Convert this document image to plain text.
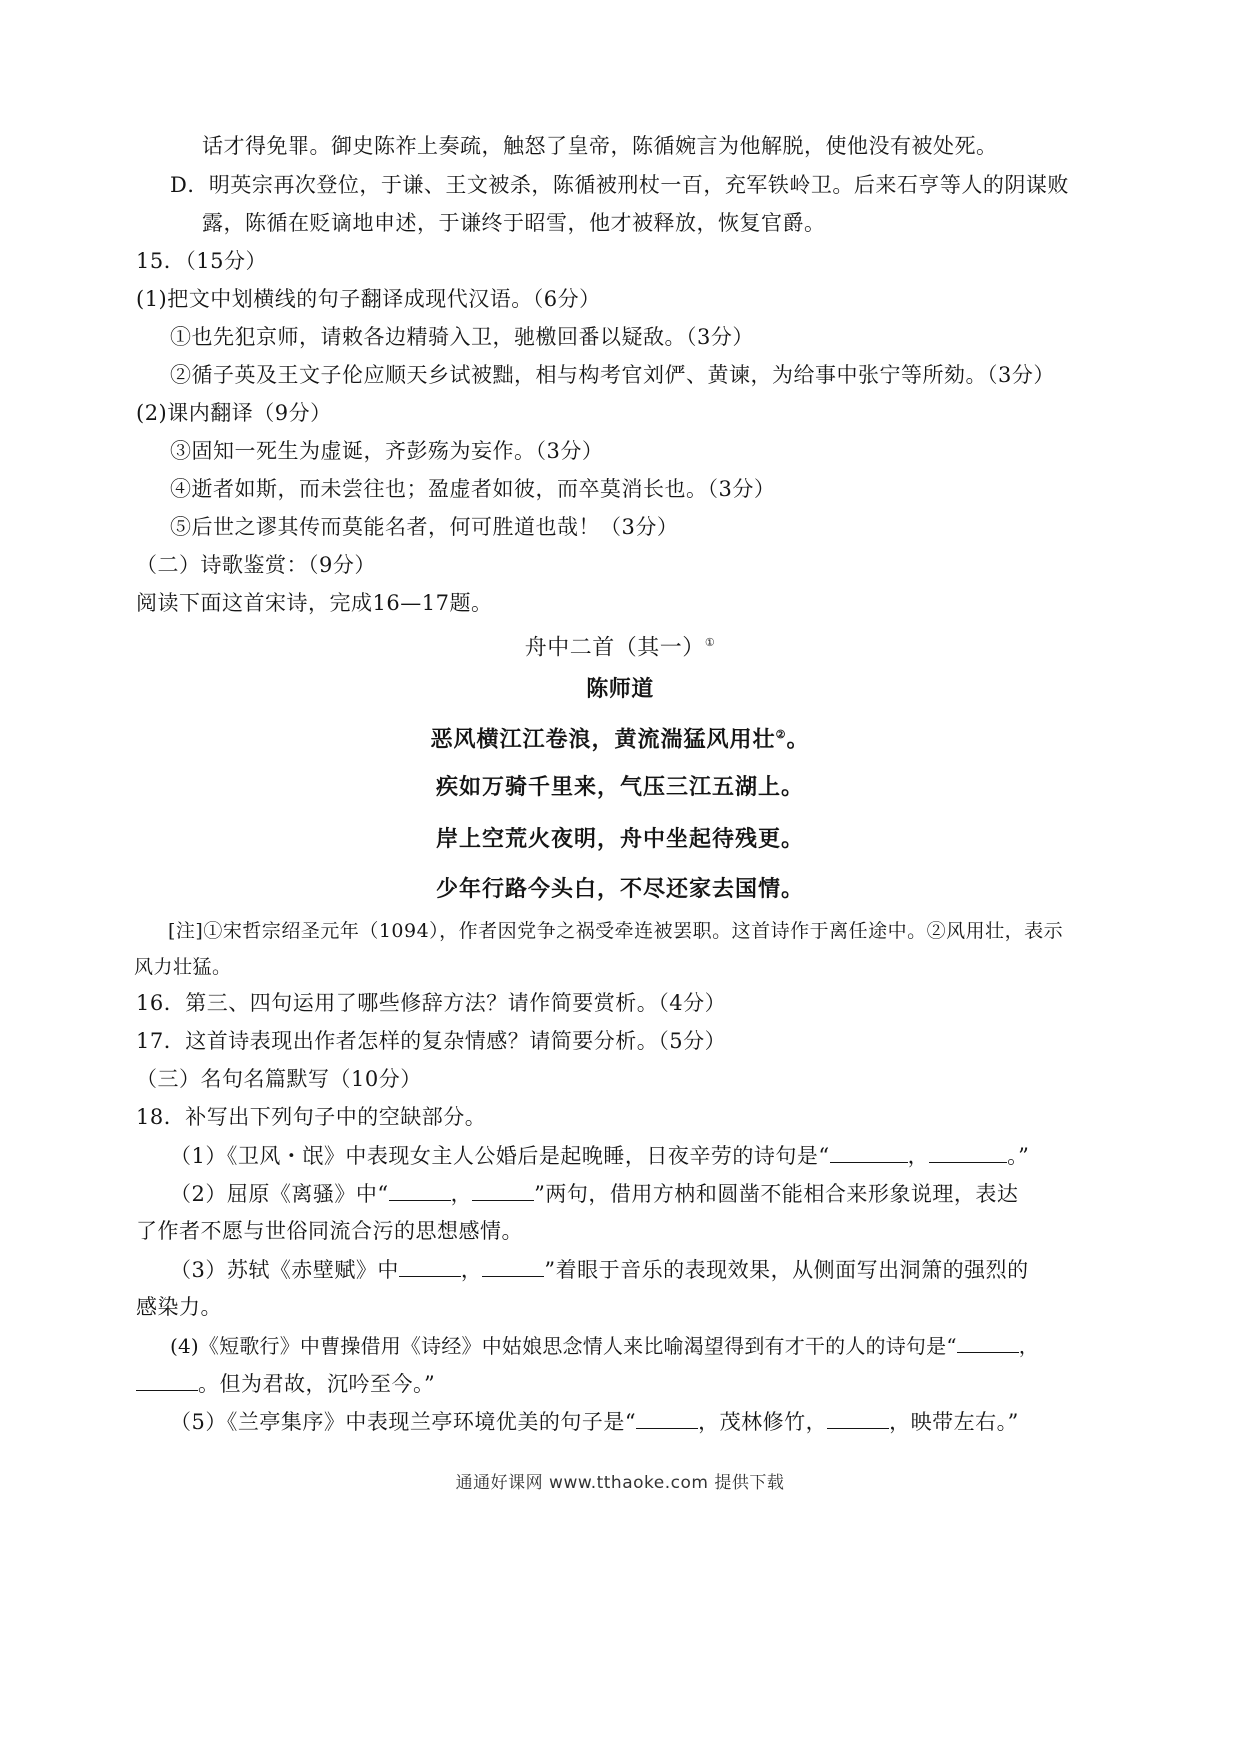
话才得免罪。御史陈祚上奏疏，触怒了皇帝，陈循婉言为他解脱，使他没有被处死。
D．明英宗再次登位，于谦、王文被杀，陈循被刑杖一百，充军铁岭卫。后来石亨等人的阴谋败
露，陈循在贬谪地申述，于谦终于昭雪，他才被释放，恢复官爵。
15．（15分）
(1)把文中划横线的句子翻译成现代汉语。（6分）
①也先犯京师，请敕各边精骑入卫，驰檄回番以疑敌。（3分）
②循子英及王文子伦应顺天乡试被黜，相与构考官刘俨、黄谏，为给事中张宁等所劾。（3分）
(2)课内翻译（9分）
③固知一死生为虚诞，齐彭殇为妄作。（3分）
④逝者如斯，而未尝往也；盈虚者如彼，而卒莫消长也。（3分）
⑤后世之谬其传而莫能名者，何可胜道也哉！（3分）
（二）诗歌鉴赏：（9分）
阅读下面这首宋诗，完成16—17题。
舟中二首（其一）①
陈师道
恶风横江江卷浪，黄流湍猛风用壮②。
疾如万骑千里来，气压三江五湖上。
岸上空荒火夜明，舟中坐起待残更。
少年行路今头白，不尽还家去国情。
[注]①宋哲宗绍圣元年（1094），作者因党争之祸受牵连被罢职。这首诗作于离任途中。②风用壮，表示
风力壮猛。
16．第三、四句运用了哪些修辞方法？请作简要赏析。（4分）
17．这首诗表现出作者怎样的复杂情感？请简要分析。（5分）
（三）名句名篇默写（10分）
18．补写出下列句子中的空缺部分。
（1）《卫风・氓》中表现女主人公婚后是起晚睡，日夜辛劳的诗句是“	，	。”
（2）屈原《离骚》中“	，	”两句，借用方枘和圆凿不能相合来形象说理，表达
了作者不愿与世俗同流合污的思想感情。
（3）苏轼《赤壁赋》中	，	”着眼于音乐的表现效果，从侧面写出洞箫的强烈的
感染力。
(4)《短歌行》中曹操借用《诗经》中姑娘思念情人来比喻渴望得到有才干的人的诗句是“	，
。但为君故，沉吟至今。”
（5）《兰亭集序》中表现兰亭环境优美的句子是“	，茂林修竹，	，映带左右。”
通通好课网 www.tthaoke.com 提供下载
